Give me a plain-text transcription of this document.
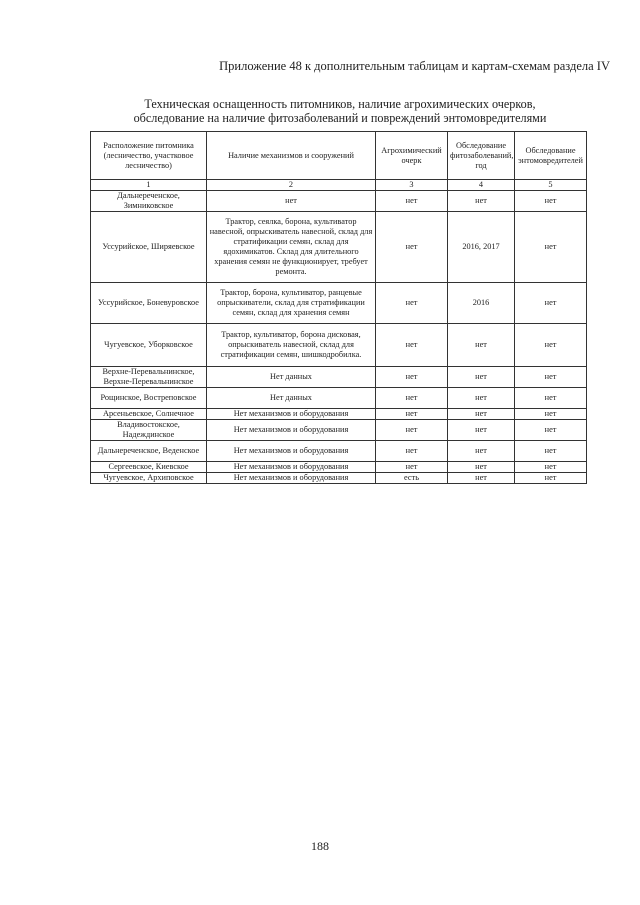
Приложение 48 к дополнительным таблицам и картам-схемам раздела IV
Техническая оснащенность питомников, наличие агрохимических очерков,
обследование на наличие фитозаболеваний и повреждений энтомовредителями
Расположение питомника (лесничество, участковое лесничество)	Наличие механизмов и сооружений	Агрохимический очерк	Обследование фитозаболеваний, год	Обследование энтомовредителей
1	2	3	4	5
Дальнереченское, Зимниковское	нет	нет	нет	нет
Уссурийское, Ширяевское	Трактор, сеялка, борона, культиватор навесной, опрыскиватель навесной, склад для стратификации семян, склад для ядохимикатов. Склад для длительного хранения семян не функционирует, требует ремонта.	нет	2016, 2017	нет
Уссурийское, Боневуровское	Трактор, борона, культиватор, ранцевые опрыскиватели, склад для стратификации семян, склад для хранения семян	нет	2016	нет
Чугуевское, Уборковское	Трактор, культиватор, борона дисковая, опрыскиватель навесной, склад для стратификации семян, шишкодробилка.	нет	нет	нет
Верхне-Перевальнинское, Верхне-Перевальнинское	Нет данных	нет	нет	нет
Рощинское, Востреповское	Нет данных	нет	нет	нет
Арсеньевское, Солнечное	Нет механизмов и оборудования	нет	нет	нет
Владивостокское, Надеждинское	Нет механизмов и оборудования	нет	нет	нет
Дальнереченское, Веденское	Нет механизмов и оборудования	нет	нет	нет
Сергеевское, Киевское	Нет механизмов и оборудования	нет	нет	нет
Чугуевское, Архиповское	Нет механизмов и оборудования	есть	нет	нет
188
